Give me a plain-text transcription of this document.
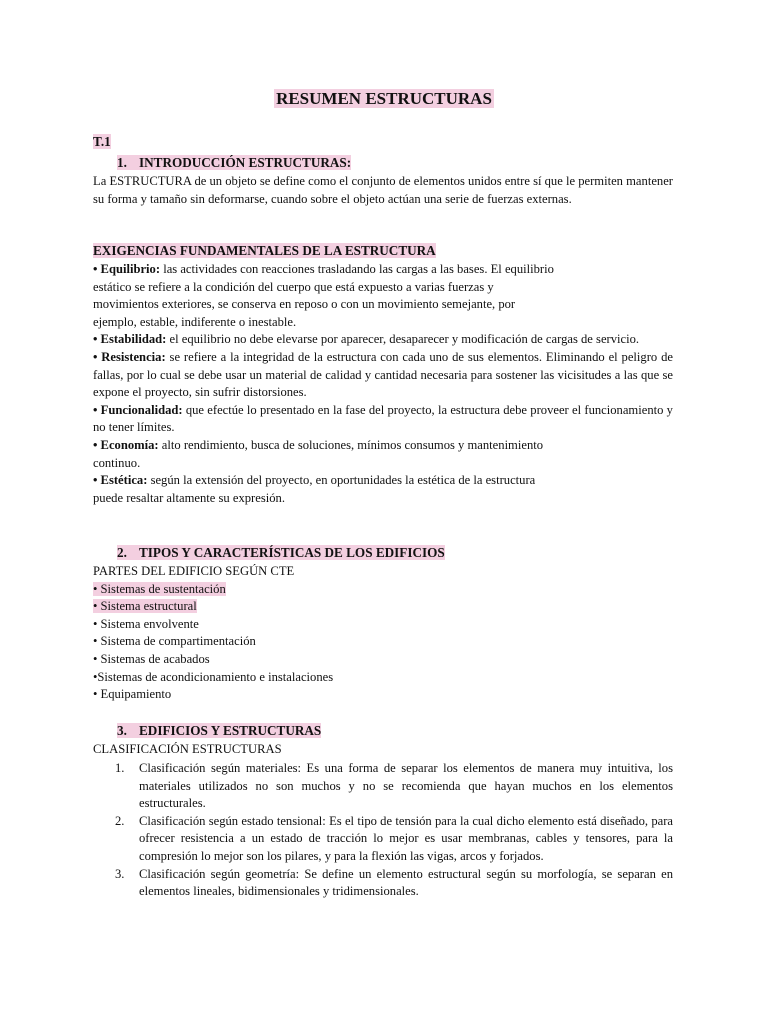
RESUMEN ESTRUCTURAS
T.1
1. INTRODUCCIÓN ESTRUCTURAS:

La ESTRUCTURA de un objeto se define como el conjunto de elementos unidos entre sí que le permiten mantener su forma y tamaño sin deformarse, cuando sobre el objeto actúan una serie de fuerzas externas.

EXIGENCIAS FUNDAMENTALES DE LA ESTRUCTURA

• Equilibrio: las actividades con reacciones trasladando las cargas a las bases. El equilibrio

estático se refiere a la condición del cuerpo que está expuesto a varias fuerzas y

movimientos exteriores, se conserva en reposo o con un movimiento semejante, por

ejemplo, estable, indiferente o inestable.

• Estabilidad: el equilibrio no debe elevarse por aparecer, desaparecer y modificación de cargas de servicio.

• Resistencia: se refiere a la integridad de la estructura con cada uno de sus elementos. Eliminando el peligro de fallas, por lo cual se debe usar un material de calidad y cantidad necesaria para sostener las vicisitudes a las que se expone el proyecto, sin sufrir distorsiones.

• Funcionalidad: que efectúe lo presentado en la fase del proyecto, la estructura debe proveer el funcionamiento y no tener límites.

• Economía: alto rendimiento, busca de soluciones, mínimos consumos y mantenimiento

continuo.

• Estética: según la extensión del proyecto, en oportunidades la estética de la estructura

puede resaltar altamente su expresión.

2. TIPOS Y CARACTERÍSTICAS DE LOS EDIFICIOS

PARTES DEL EDIFICIO SEGÚN CTE

• Sistemas de sustentación

• Sistema estructural

• Sistema envolvente

• Sistema de compartimentación

• Sistemas de acabados

•Sistemas de acondicionamiento e instalaciones

• Equipamiento

3. EDIFICIOS Y ESTRUCTURAS

CLASIFICACIÓN ESTRUCTURAS

1. Clasificación según materiales: Es una forma de separar los elementos de manera muy intuitiva, los materiales utilizados no son muchos y no se recomienda que hayan muchos en los elementos estructurales.
2. Clasificación según estado tensional: Es el tipo de tensión para la cual dicho elemento está diseñado, para ofrecer resistencia a un estado de tracción lo mejor es usar membranas, cables y tensores, para la compresión lo mejor son los pilares, y para la flexión las vigas, arcos y forjados.
3. Clasificación según geometría: Se define un elemento estructural según su morfología, se separan en elementos lineales, bidimensionales y tridimensionales.
